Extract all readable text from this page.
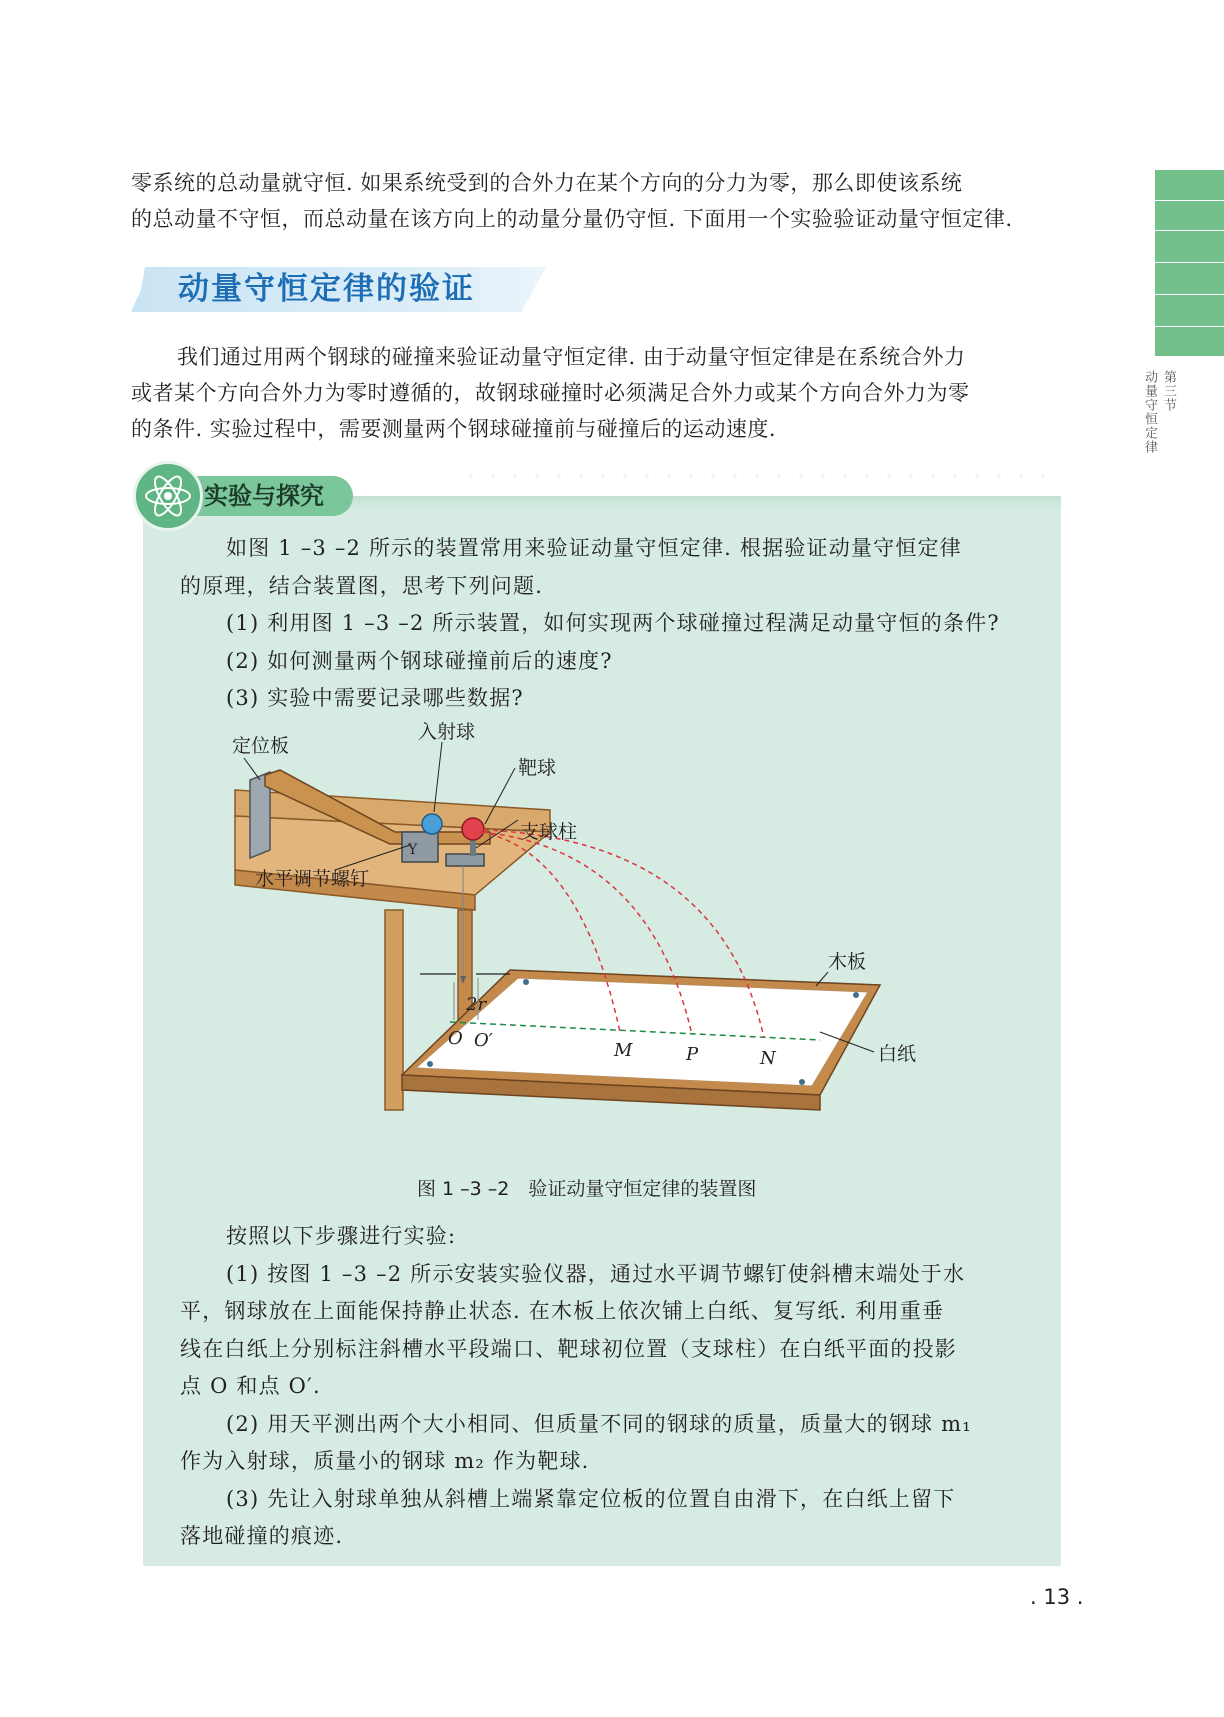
零系统的总动量就守恒. 如果系统受到的合外力在某个方向的分力为零，那么即使该系统
的总动量不守恒，而总动量在该方向上的动量分量仍守恒. 下面用一个实验验证动量守恒定律.

第三节
动量守恒定律
动量守恒定律的验证

我们通过用两个钢球的碰撞来验证动量守恒定律. 由于动量守恒定律是在系统合外力
或者某个方向合外力为零时遵循的，故钢球碰撞时必须满足合外力或某个方向合外力为零
的条件. 实验过程中，需要测量两个钢球碰撞前与碰撞后的运动速度.

实验与探究

如图 1 –3 –2 所示的装置常用来验证动量守恒定律. 根据验证动量守恒定律
的原理，结合装置图，思考下列问题.
(1) 利用图 1 –3 –2 所示装置，如何实现两个球碰撞过程满足动量守恒的条件?
(2) 如何测量两个钢球碰撞前后的速度?
(3) 实验中需要记录哪些数据?

Y
定位板
入射球
靶球
支球柱
水平调节螺钉
木板
白纸
2r
O O′	M	P	N

图 1 –3 –2　验证动量守恒定律的装置图

按照以下步骤进行实验:
(1) 按图 1 –3 –2 所示安装实验仪器，通过水平调节螺钉使斜槽末端处于水
平，钢球放在上面能保持静止状态. 在木板上依次铺上白纸、复写纸. 利用重垂
线在白纸上分别标注斜槽水平段端口、靶球初位置（支球柱）在白纸平面的投影
点 O 和点 O′.
(2) 用天平测出两个大小相同、但质量不同的钢球的质量，质量大的钢球 m₁
作为入射球，质量小的钢球 m₂ 作为靶球.
(3) 先让入射球单独从斜槽上端紧靠定位板的位置自由滑下，在白纸上留下
落地碰撞的痕迹.

. 13 .
